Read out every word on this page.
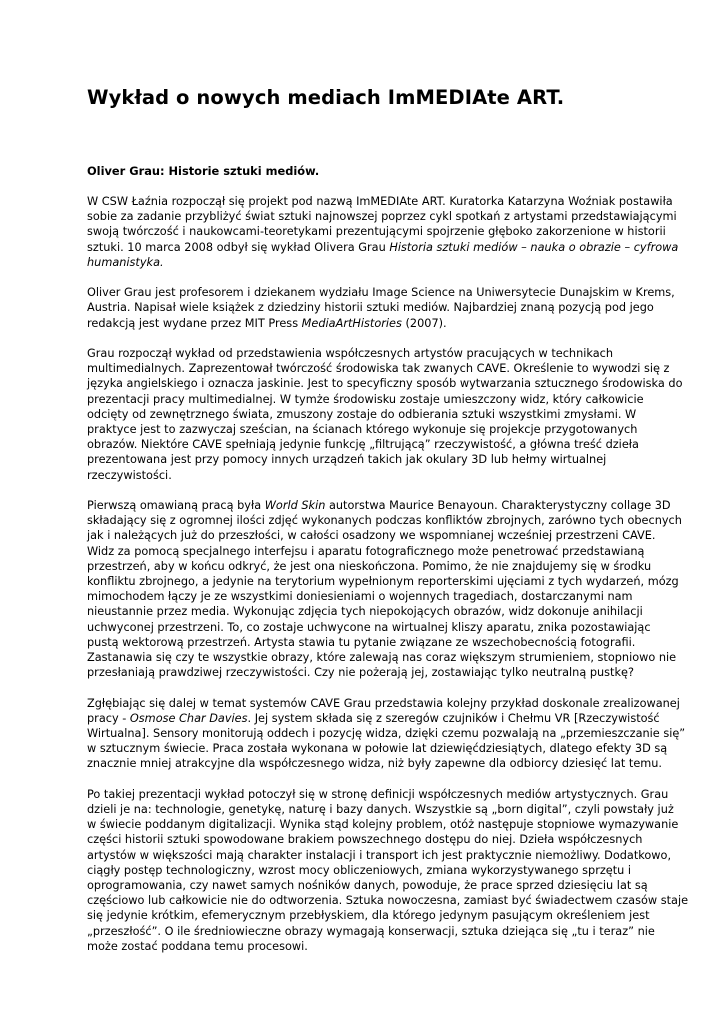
Wykład o nowych mediach ImMEDIAte ART.
Oliver Grau: Historie sztuki mediów.

W CSW Łaźnia rozpoczął się projekt pod nazwą ImMEDIAte ART. Kuratorka Katarzyna Woźniak postawiła
sobie za zadanie przybliżyć świat sztuki najnowszej poprzez cykl spotkań z artystami przedstawiającymi
swoją twórczość i naukowcami-teoretykami prezentującymi spojrzenie głęboko zakorzenione w historii
sztuki. 10 marca 2008 odbył się wykład Olivera Grau Historia sztuki mediów – nauka o obrazie – cyfrowa
humanistyka.

Oliver Grau jest profesorem i dziekanem wydziału Image Science na Uniwersytecie Dunajskim w Krems,
Austria. Napisał wiele książek z dziedziny historii sztuki mediów. Najbardziej znaną pozycją pod jego
redakcją jest wydane przez MIT Press MediaArtHistories (2007).

Grau rozpoczął wykład od przedstawienia współczesnych artystów pracujących w technikach
multimedialnych. Zaprezentował twórczość środowiska tak zwanych CAVE. Określenie to wywodzi się z
języka angielskiego i oznacza jaskinie. Jest to specyficzny sposób wytwarzania sztucznego środowiska do
prezentacji pracy multimedialnej. W tymże środowisku zostaje umieszczony widz, który całkowicie
odcięty od zewnętrznego świata, zmuszony zostaje do odbierania sztuki wszystkimi zmysłami. W
praktyce jest to zazwyczaj sześcian, na ścianach którego wykonuje się projekcje przygotowanych
obrazów. Niektóre CAVE spełniają jedynie funkcję „filtrującą” rzeczywistość, a główna treść dzieła
prezentowana jest przy pomocy innych urządzeń takich jak okulary 3D lub hełmy wirtualnej
rzeczywistości.

Pierwszą omawianą pracą była World Skin autorstwa Maurice Benayoun. Charakterystyczny collage 3D
składający się z ogromnej ilości zdjęć wykonanych podczas konfliktów zbrojnych, zarówno tych obecnych
jak i należących już do przeszłości, w całości osadzony we wspomnianej wcześniej przestrzeni CAVE.
Widz za pomocą specjalnego interfejsu i aparatu fotograficznego może penetrować przedstawianą
przestrzeń, aby w końcu odkryć, że jest ona nieskończona. Pomimo, że nie znajdujemy się w środku
konfliktu zbrojnego, a jedynie na terytorium wypełnionym reporterskimi ujęciami z tych wydarzeń, mózg
mimochodem łączy je ze wszystkimi doniesieniami o wojennych tragediach, dostarczanymi nam
nieustannie przez media. Wykonując zdjęcia tych niepokojących obrazów, widz dokonuje anihilacji
uchwyconej przestrzeni. To, co zostaje uchwycone na wirtualnej kliszy aparatu, znika pozostawiając
pustą wektorową przestrzeń. Artysta stawia tu pytanie związane ze wszechobecnością fotografii.
Zastanawia się czy te wszystkie obrazy, które zalewają nas coraz większym strumieniem, stopniowo nie
przesłaniają prawdziwej rzeczywistości. Czy nie pożerają jej, zostawiając tylko neutralną pustkę?

Zgłębiając się dalej w temat systemów CAVE Grau przedstawia kolejny przykład doskonale zrealizowanej
pracy - Osmose Char Davies. Jej system składa się z szeregów czujników i Chełmu VR [Rzeczywistość
Wirtualna]. Sensory monitorują oddech i pozycję widza, dzięki czemu pozwalają na „przemieszczanie się”
w sztucznym świecie. Praca została wykonana w połowie lat dziewięćdziesiątych, dlatego efekty 3D są
znacznie mniej atrakcyjne dla współczesnego widza, niż były zapewne dla odbiorcy dziesięć lat temu.

Po takiej prezentacji wykład potoczył się w stronę definicji współczesnych mediów artystycznych. Grau
dzieli je na: technologie, genetykę, naturę i bazy danych. Wszystkie są „born digital”, czyli powstały już
w świecie poddanym digitalizacji. Wynika stąd kolejny problem, otóż następuje stopniowe wymazywanie
części historii sztuki spowodowane brakiem powszechnego dostępu do niej. Dzieła współczesnych
artystów w większości mają charakter instalacji i transport ich jest praktycznie niemożliwy. Dodatkowo,
ciągły postęp technologiczny, wzrost mocy obliczeniowych, zmiana wykorzystywanego sprzętu i
oprogramowania, czy nawet samych nośników danych, powoduje, że prace sprzed dziesięciu lat są
częściowo lub całkowicie nie do odtworzenia. Sztuka nowoczesna, zamiast być świadectwem czasów staje
się jedynie krótkim, efemerycznym przebłyskiem, dla którego jedynym pasującym określeniem jest
„przeszłość”. O ile średniowieczne obrazy wymagają konserwacji, sztuka dziejąca się „tu i teraz” nie
może zostać poddana temu procesowi.
